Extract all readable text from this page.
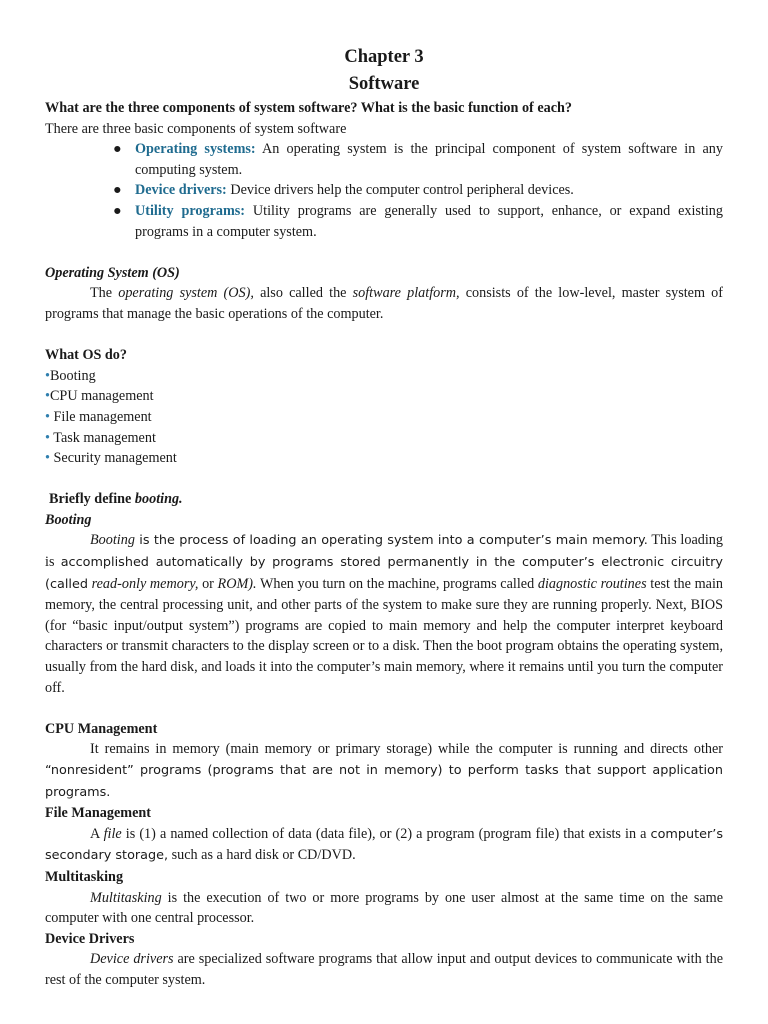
Chapter 3

Software

What are the three components of system software? What is the basic function of each?

There are three basic components of system software

● Operating systems: An operating system is the principal component of system software in any computing system.
● Device drivers: Device drivers help the computer control peripheral devices.
● Utility programs: Utility programs are generally used to support, enhance, or expand existing programs in a computer system.

Operating System (OS)

The operating system (OS), also called the software platform, consists of the low-level, master system of programs that manage the basic operations of the computer.

What OS do?

•Booting
•CPU management
• File management
• Task management
• Security management

Briefly define booting.

Booting

Booting is the process of loading an operating system into a computer’s main memory. This loading is accomplished automatically by programs stored permanently in the computer’s electronic circuitry (called read-only memory, or ROM). When you turn on the machine, programs called diagnostic routines test the main memory, the central processing unit, and other parts of the system to make sure they are running properly. Next, BIOS (for “basic input/output system”) programs are copied to main memory and help the computer interpret keyboard characters or transmit characters to the display screen or to a disk. Then the boot program obtains the operating system, usually from the hard disk, and loads it into the computer’s main memory, where it remains until you turn the computer off.

CPU Management

It remains in memory (main memory or primary storage) while the computer is running and directs other “nonresident” programs (programs that are not in memory) to perform tasks that support application programs.

File Management

A file is (1) a named collection of data (data file), or (2) a program (program file) that exists in a computer’s secondary storage, such as a hard disk or CD/DVD.

Multitasking

Multitasking is the execution of two or more programs by one user almost at the same time on the same computer with one central processor.

Device Drivers

Device drivers are specialized software programs that allow input and output devices to communicate with the rest of the computer system.
